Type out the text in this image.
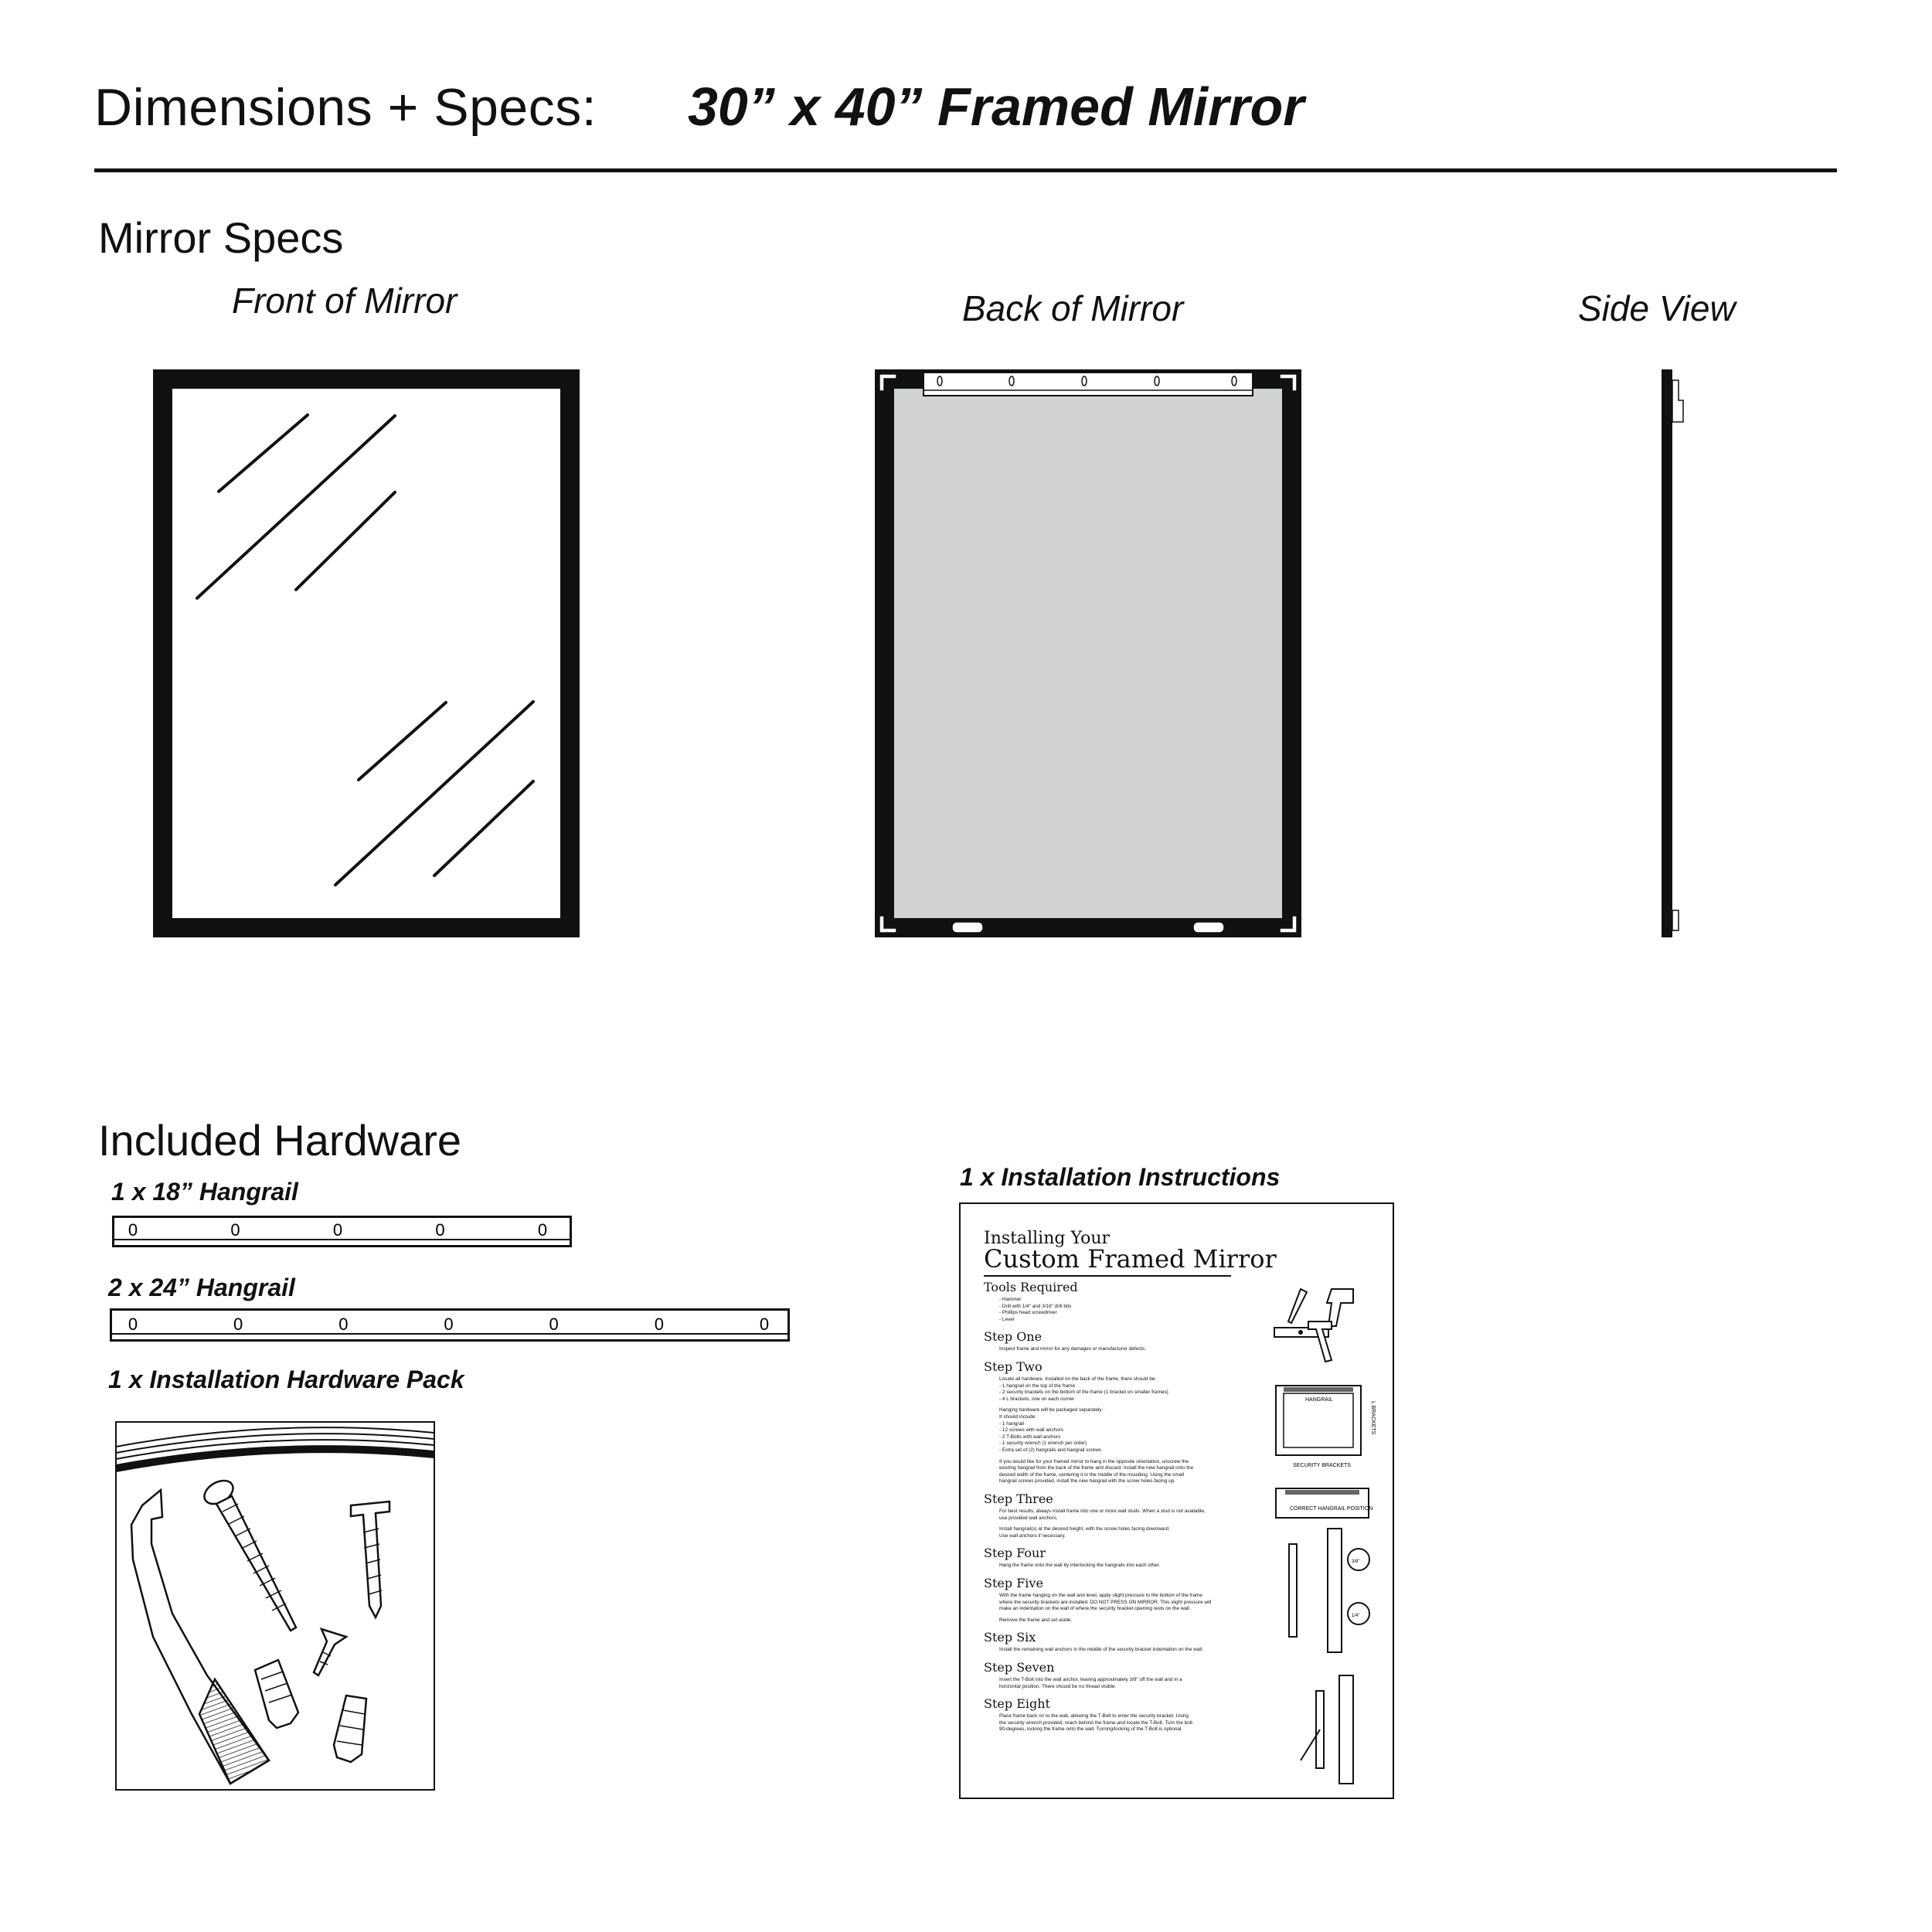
Dimensions + Specs: 30” x 40” Framed Mirror
Mirror Specs
Front of Mirror	Back of Mirror	Side View
Included Hardware
1 x 18” Hangrail
0	0	0	0	0
2 x 24” Hangrail
0	0	0	0	0	0	0
1 x Installation Hardware Pack
1 x Installation Instructions
Installing Your
Custom Framed Mirror
Tools Required
- Hammer
- Drill with 1/4" and 3/16" drill bits
- Phillips head screwdriver
- Level
Step One
Inspect frame and mirror for any damages or manufacturer defects.
Step Two
Locate all hardware. Installed on the back of the frame, there should be:
- 1 hangrail on the top of the frame
- 2 security brackets on the bottom of the frame (1 bracket on smaller frames)
- 4 L brackets, one on each corner
Hanging hardware will be packaged separately :
It should include:
- 1 hangrail
- 12 screws with wall anchors
- 2 T-Bolts with wall anchors
- 1 security wrench (1 wrench per order)
- Extra set of (2) hangrails and hangrail screws
If you would like for your framed mirror to hang in the opposite orientation, unscrew the
existing hangrail from the back of the frame and discard. Install the new hangrail onto the
desired width of the frame, centering it in the middle of the moulding. Using the small
hangrail screws provided, install the new hangrail with the screw holes facing up.
Step Three
For best results, always install frame into one or more wall studs. When a stud is not available,
use provided wall anchors.
Install hangrail(s) at the desired height, with the screw holes facing downward.
Use wall anchors if necessary.
Step Four
Hang the frame onto the wall by interlocking the hangrails into each other.
Step Five
With the frame hanging on the wall and level, apply slight pressure to the bottom of the frame
where the security brackets are installed. DO NOT PRESS ON MIRROR. This slight pressure will
make an indentation on the wall of where the security bracket opening rests on the wall.
Remove the frame and set aside.
Step Six
Install the remaining wall anchors in the middle of the security bracket indentation on the wall.
Step Seven
Insert the T-Bolt into the wall anchor, leaving approximately 3/8" off the wall and in a
horizontal position. There should be no thread visible.
Step Eight
Place frame back on to the wall, allowing the T-Bolt to enter the security bracket. Using
the security wrench provided, reach behind the frame and locate the T-Bolt. Turn the bolt
90-degrees, locking the frame onto the wall. Turning/locking of the T-Bolt is optional.
HANGRAIL
L BRACKETS
SECURITY BRACKETS
CORRECT HANGRAIL POSITION
3/8"
1/4"
